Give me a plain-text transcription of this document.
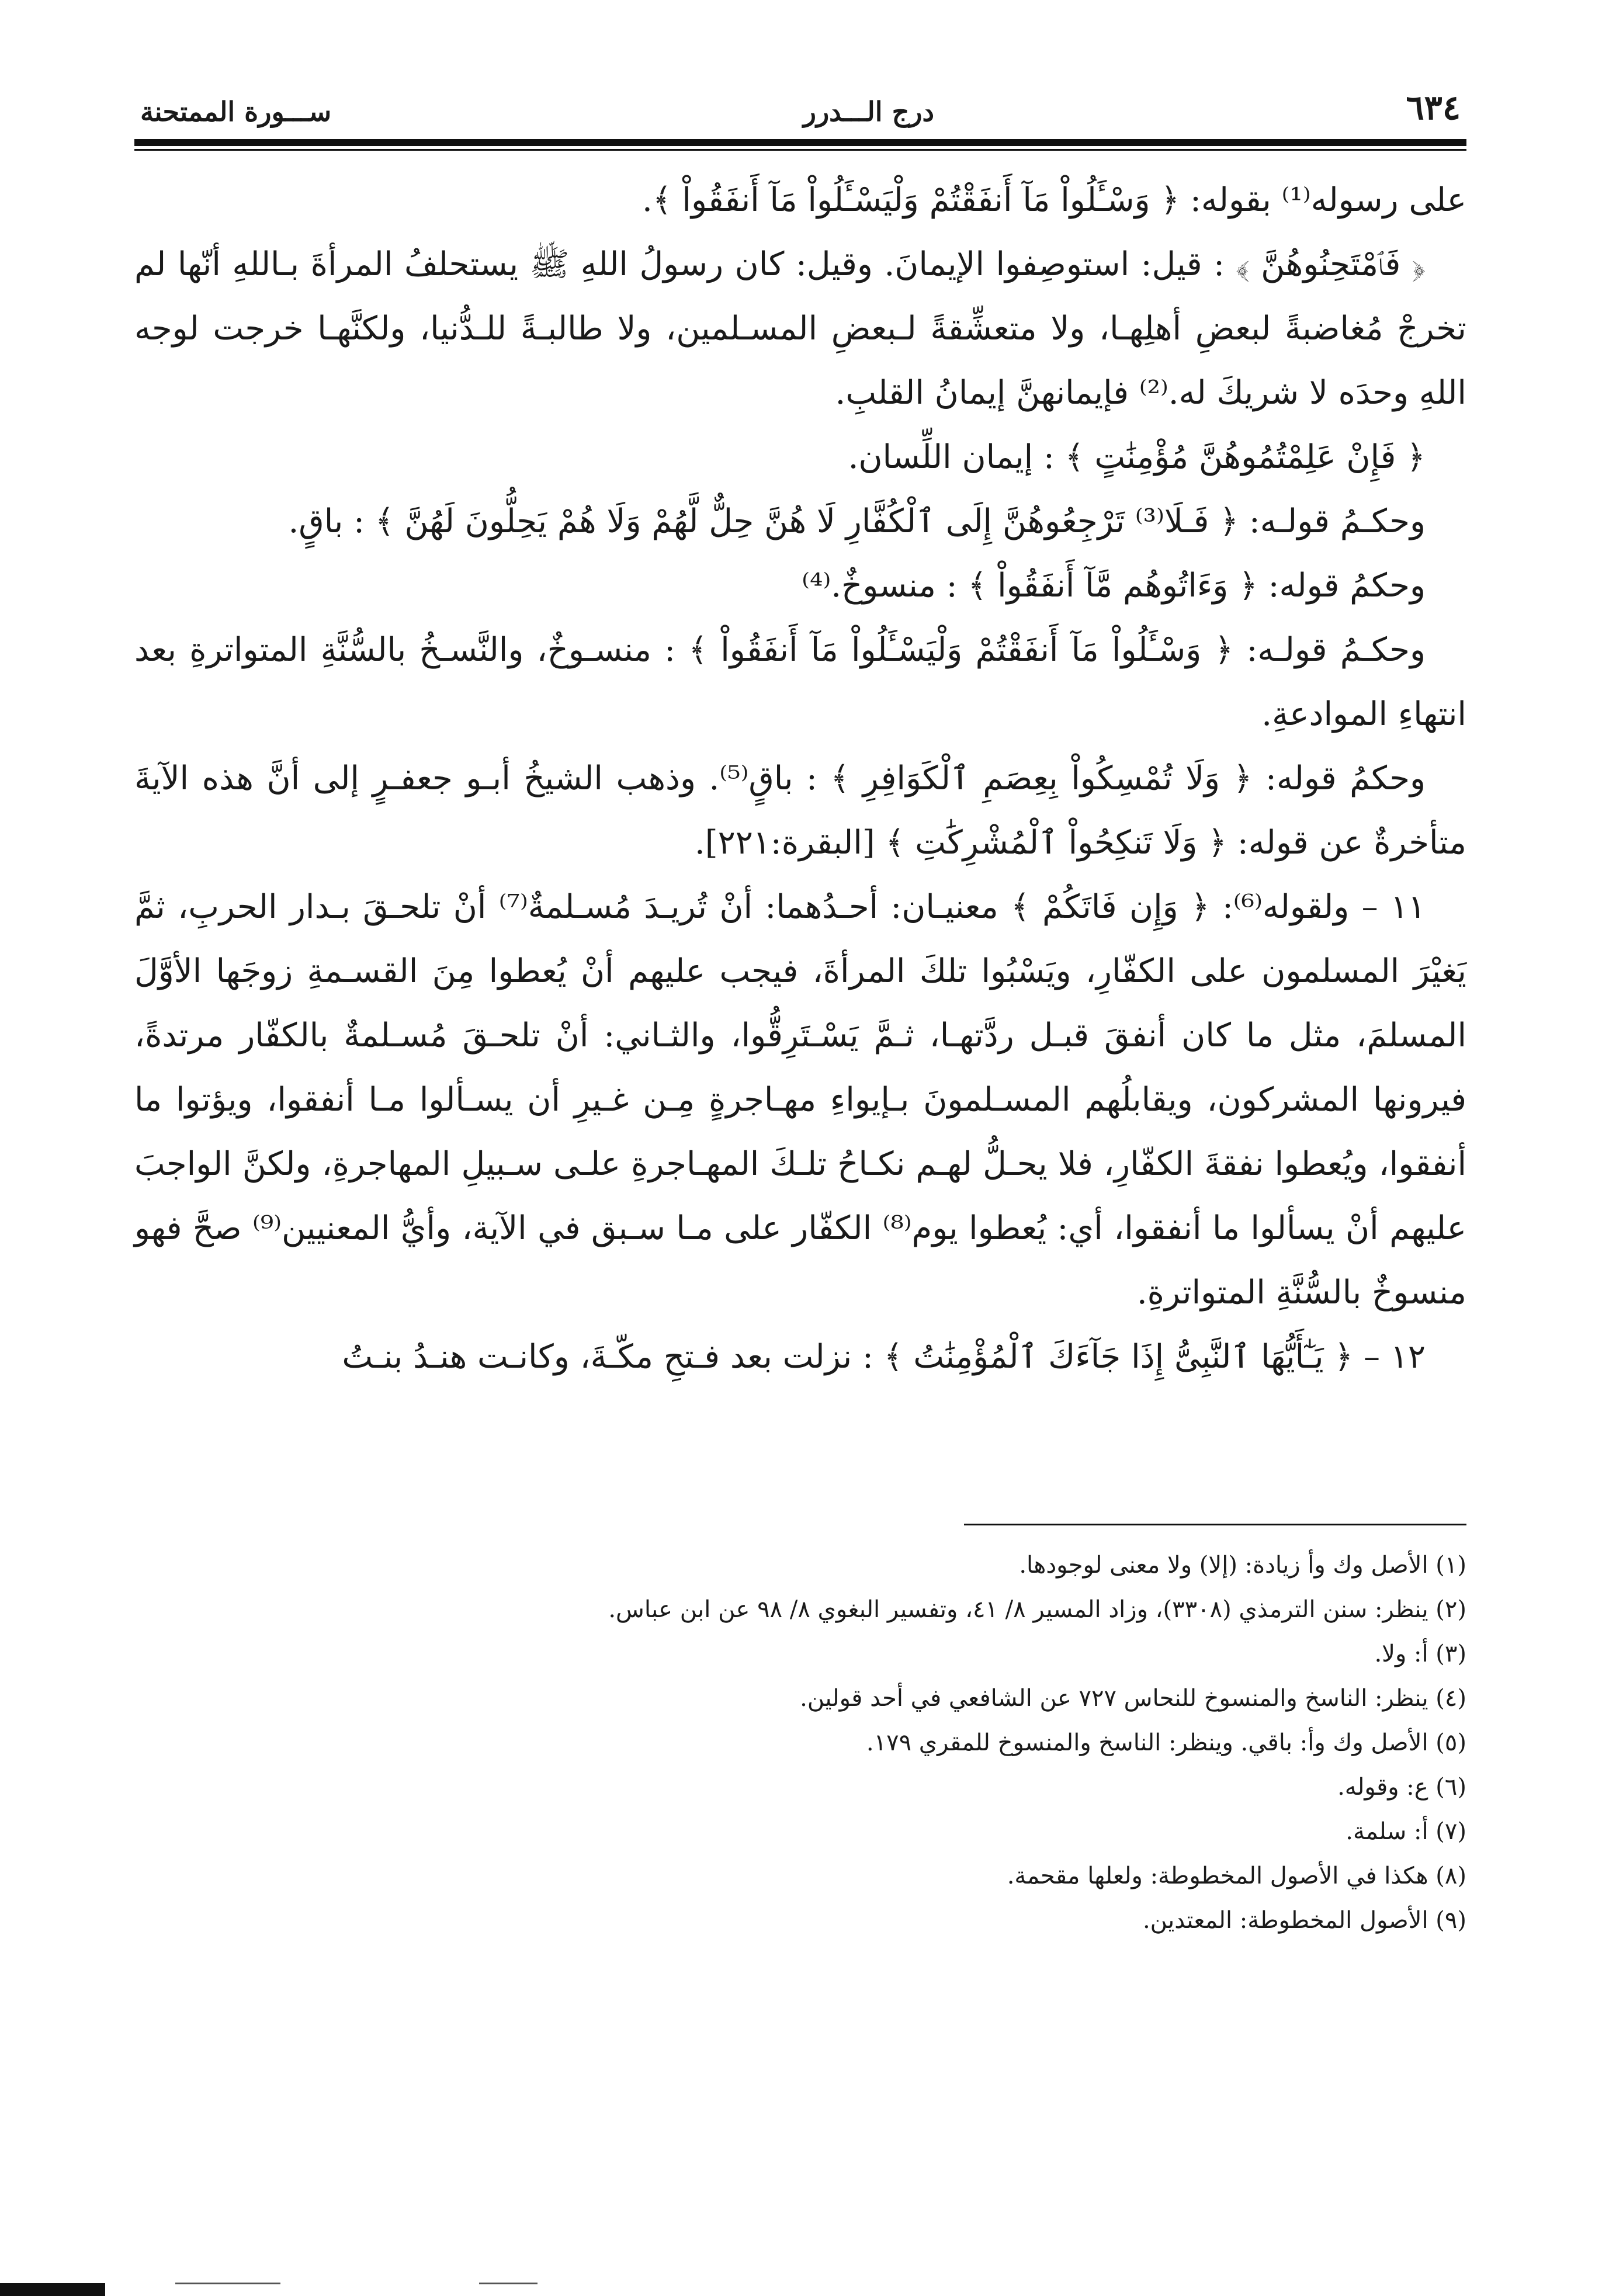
٦٣٤
درج الـــدرر
ســـورة الممتحنة

على رسوله⁽¹⁾ بقوله: ﴿ وَسْـَٔلُواْ مَآ أَنفَقْتُمْ وَلْيَسْـَٔلُواْ مَآ أَنفَقُواْ ﴾.

﴿ فَٱمْتَحِنُوهُنَّ ﴾ : قيل: استوصِفوا الإيمانَ. وقيل: كان رسولُ اللهِ ﷺ يستحلفُ المرأةَ بـاللهِ أنّها لم تخرجْ مُغاضبةً لبعضِ أهلِهـا، ولا متعشِّقةً لـبعضِ المسـلمين، ولا طالبـةً للـدُّنيا، ولكنَّهـا خرجت لوجه اللهِ وحدَه لا شريكَ له.⁽²⁾ فإيمانهنَّ إيمانُ القلبِ.

﴿ فَإِنْ عَلِمْتُمُوهُنَّ مُؤْمِنَٰتٍ ﴾ : إيمان اللِّسان.

وحكـمُ قولـه: ﴿ فَـلَا⁽³⁾ تَرْجِعُوهُنَّ إِلَى ٱلْكُفَّارِ لَا هُنَّ حِلٌّ لَّهُمْ وَلَا هُمْ يَحِلُّونَ لَهُنَّ ﴾ : باقٍ.

وحكمُ قوله: ﴿ وَءَاتُوهُم مَّآ أَنفَقُواْ ﴾ : منسوخٌ.⁽⁴⁾

وحكـمُ قولـه: ﴿ وَسْـَٔلُواْ مَآ أَنفَقْتُمْ وَلْيَسْـَٔلُواْ مَآ أَنفَقُواْ ﴾ : منسـوخٌ، والنَّسـخُ بالسُّنَّةِ المتواترةِ بعد انتهاءِ الموادعةِ.

وحكمُ قوله: ﴿ وَلَا تُمْسِكُواْ بِعِصَمِ ٱلْكَوَافِرِ ﴾ : باقٍ⁽⁵⁾. وذهب الشيخُ أبـو جعفـرٍ إلى أنَّ هذه الآيةَ متأخرةٌ عن قوله: ﴿ وَلَا تَنكِحُواْ ٱلْمُشْرِكَٰتِ ﴾ [البقرة:٢٢١].

١١ – ولقوله⁽⁶⁾: ﴿ وَإِن فَاتَكُمْ ﴾ معنيـان: أحـدُهما: أنْ تُريـدَ مُسـلمةٌ⁽⁷⁾ أنْ تلحـقَ بـدار الحربِ، ثمَّ يَغيْرَ المسلمون على الكفّارِ، ويَسْبُوا تلكَ المرأةَ، فيجب عليهم أنْ يُعطوا مِنَ القسـمةِ زوجَها الأوَّلَ المسلمَ، مثل ما كان أنفقَ قبـل ردَّتهـا، ثـمَّ يَسْـتَرِقُّوا، والثـاني: أنْ تلحـقَ مُسـلمةٌ بالكفّار مرتدةً، فيرونها المشركون، ويقابلُهم المسـلمونَ بـإيواءِ مهـاجرةٍ مِـن غـيرِ أن يسـألوا مـا أنفقوا، ويؤتوا ما أنفقوا، ويُعطوا نفقةَ الكفّارِ، فلا يحـلُّ لهـم نكـاحُ تلـكَ المهـاجرةِ علـى سـبيلِ المهاجرةِ، ولكنَّ الواجبَ عليهم أنْ يسألوا ما أنفقوا، أي: يُعطوا يوم⁽⁸⁾ الكفّار على مـا سـبق في الآية، وأيُّ المعنيين⁽⁹⁾ صحَّ فهو منسوخٌ بالسُّنَّةِ المتواترةِ.

١٢ – ﴿ يَـٰٓأَيُّهَا ٱلنَّبِىُّ إِذَا جَآءَكَ ٱلْمُؤْمِنَٰتُ ﴾ : نزلت بعد فـتحِ مكّـةَ، وكانـت هنـدُ بنـتُ

(١) الأصل وك وأ زيادة: (إلا) ولا معنى لوجودها.

(٢) ينظر: سنن الترمذي (٣٣٠٨)، وزاد المسير ٨/ ٤١، وتفسير البغوي ٨/ ٩٨ عن ابن عباس.

(٣) أ: ولا.

(٤) ينظر: الناسخ والمنسوخ للنحاس ٧٢٧ عن الشافعي في أحد قولين.

(٥) الأصل وك وأ: باقي. وينظر: الناسخ والمنسوخ للمقري ١٧٩.

(٦) ع: وقوله.

(٧) أ: سلمة.

(٨) هكذا في الأصول المخطوطة: ولعلها مقحمة.

(٩) الأصول المخطوطة: المعتدين.
